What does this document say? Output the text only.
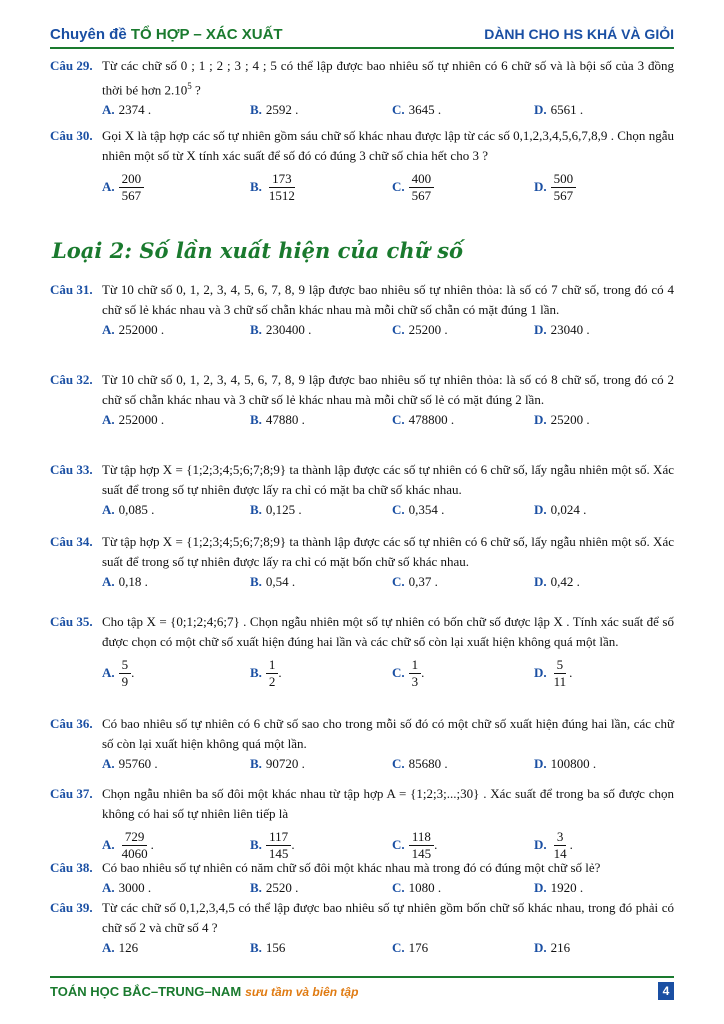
Chuyên đề TỔ HỢP – XÁC XUẤT	DÀNH CHO HS KHÁ VÀ GIỎI
Loại 2: Số lần xuất hiện của chữ số
Câu 29. Từ các chữ số 0 ; 1 ; 2 ; 3 ; 4 ; 5 có thể lập được bao nhiêu số tự nhiên có 6 chữ số và là bội số của 3 đồng thời bé hơn 2.10$^5$ ?
A. 2374 .	B. 2592 .	C. 3645 .	D. 6561 .
Câu 30. Gọi X là tập hợp các số tự nhiên gồm sáu chữ số khác nhau được lập từ các số 0,1,2,3,4,5,6,7,8,9 . Chọn ngẫu nhiên một số từ X tính xác suất để số đó có đúng 3 chữ số chia hết cho 3 ?
A. $\frac{200}{567}$	B. $\frac{173}{1512}$	C. $\frac{400}{567}$	D. $\frac{500}{567}$
Câu 31. Từ 10 chữ số 0, 1, 2, 3, 4, 5, 6, 7, 8, 9 lập được bao nhiêu số tự nhiên thỏa: là số có 7 chữ số, trong đó có 4 chữ số lẻ khác nhau và 3 chữ số chẵn khác nhau mà mỗi chữ số chẵn có mặt đúng 1 lần.
A. 252000 .	B. 230400 .	C. 25200 .	D. 23040 .
Câu 32. Từ 10 chữ số 0, 1, 2, 3, 4, 5, 6, 7, 8, 9 lập được bao nhiêu số tự nhiên thỏa: là số có 8 chữ số, trong đó có 2 chữ số chẵn khác nhau và 3 chữ số lẻ khác nhau mà mỗi chữ số lẻ có mặt đúng 2 lần.
A. 252000 .	B. 47880 .	C. 478800 .	D. 25200 .
Câu 33. Từ tập hợp X = {1;2;3;4;5;6;7;8;9} ta thành lập được các số tự nhiên có 6 chữ số, lấy ngẫu nhiên một số. Xác suất để trong số tự nhiên được lấy ra chỉ có mặt ba chữ số khác nhau.
A. 0,085 .	B. 0,125 .	C. 0,354 .	D. 0,024 .
Câu 34. Từ tập hợp X = {1;2;3;4;5;6;7;8;9} ta thành lập được các số tự nhiên có 6 chữ số, lấy ngẫu nhiên một số. Xác suất để trong số tự nhiên được lấy ra chỉ có mặt bốn chữ số khác nhau.
A. 0,18 .	B. 0,54 .	C. 0,37 .	D. 0,42 .
Câu 35. Cho tập X = {0;1;2;4;6;7} . Chọn ngẫu nhiên một số tự nhiên có bốn chữ số được lập X . Tính xác suất để số được chọn có một chữ số xuất hiện đúng hai lần và các chữ số còn lại xuất hiện không quá một lần.
A. $\frac{5}{9}$ .	B. $\frac{1}{2}$ .	C. $\frac{1}{3}$ .	D. $\frac{5}{11}$ .
Câu 36. Có bao nhiêu số tự nhiên có 6 chữ số sao cho trong mỗi số đó có một chữ số xuất hiện đúng hai lần, các chữ số còn lại xuất hiện không quá một lần.
A. 95760 .	B. 90720 .	C. 85680 .	D. 100800 .
Câu 37. Chọn ngẫu nhiên ba số đôi một khác nhau từ tập hợp A = {1;2;3;...;30} . Xác suất để trong ba số được chọn không có hai số tự nhiên liên tiếp là
A. $\frac{729}{4060}$ .	B. $\frac{117}{145}$ .	C. $\frac{118}{145}$ .	D. $\frac{3}{14}$ .
Câu 38. Có bao nhiêu số tự nhiên có năm chữ số đôi một khác nhau mà trong đó có đúng một chữ số lẻ?
A. 3000 .	B. 2520 .	C. 1080 .	D. 1920 .
Câu 39. Từ các chữ số 0,1,2,3,4,5 có thể lập được bao nhiêu số tự nhiên gồm bốn chữ số khác nhau, trong đó phải có chữ số 2 và chữ số 4 ?
A. 126	B. 156	C. 176	D. 216
TOÁN HỌC BẮC–TRUNG–NAM sưu tầm và biên tập	4
